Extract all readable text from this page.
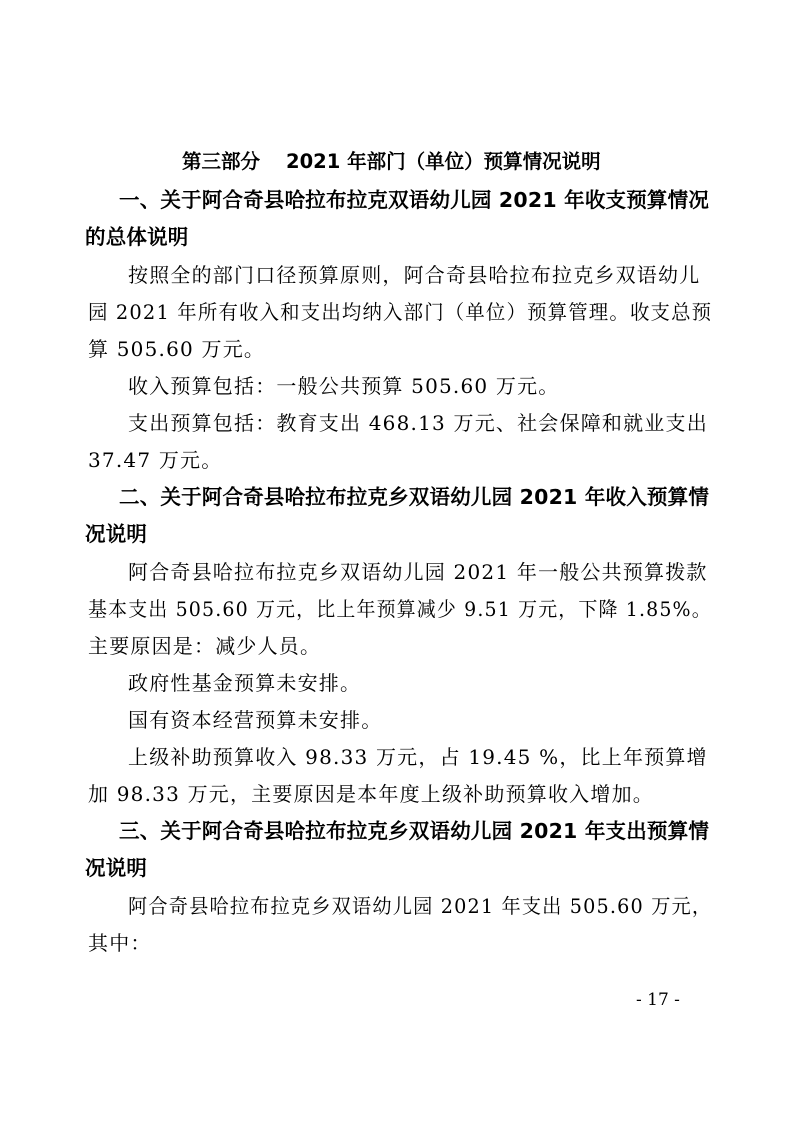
第三部分 2021 年部门（单位）预算情况说明

一、关于阿合奇县哈拉布拉克双语幼儿园 2021 年收支预算情况

的总体说明

按照全的部门口径预算原则，阿合奇县哈拉布拉克乡双语幼儿

园 2021 年所有收入和支出均纳入部门（单位）预算管理。收支总预

算 505.60 万元。

收入预算包括：一般公共预算 505.60 万元。

支出预算包括：教育支出 468.13 万元、社会保障和就业支出

37.47 万元。

二、关于阿合奇县哈拉布拉克乡双语幼儿园 2021 年收入预算情

况说明

阿合奇县哈拉布拉克乡双语幼儿园 2021 年一般公共预算拨款

基本支出 505.60 万元，比上年预算减少 9.51 万元，下降 1.85%。

主要原因是：减少人员。

政府性基金预算未安排。

国有资本经营预算未安排。

上级补助预算收入 98.33 万元，占 19.45 %，比上年预算增

加 98.33 万元，主要原因是本年度上级补助预算收入增加。

三、关于阿合奇县哈拉布拉克乡双语幼儿园 2021 年支出预算情

况说明

阿合奇县哈拉布拉克乡双语幼儿园 2021 年支出 505.60 万元，

其中：

- 17 -
